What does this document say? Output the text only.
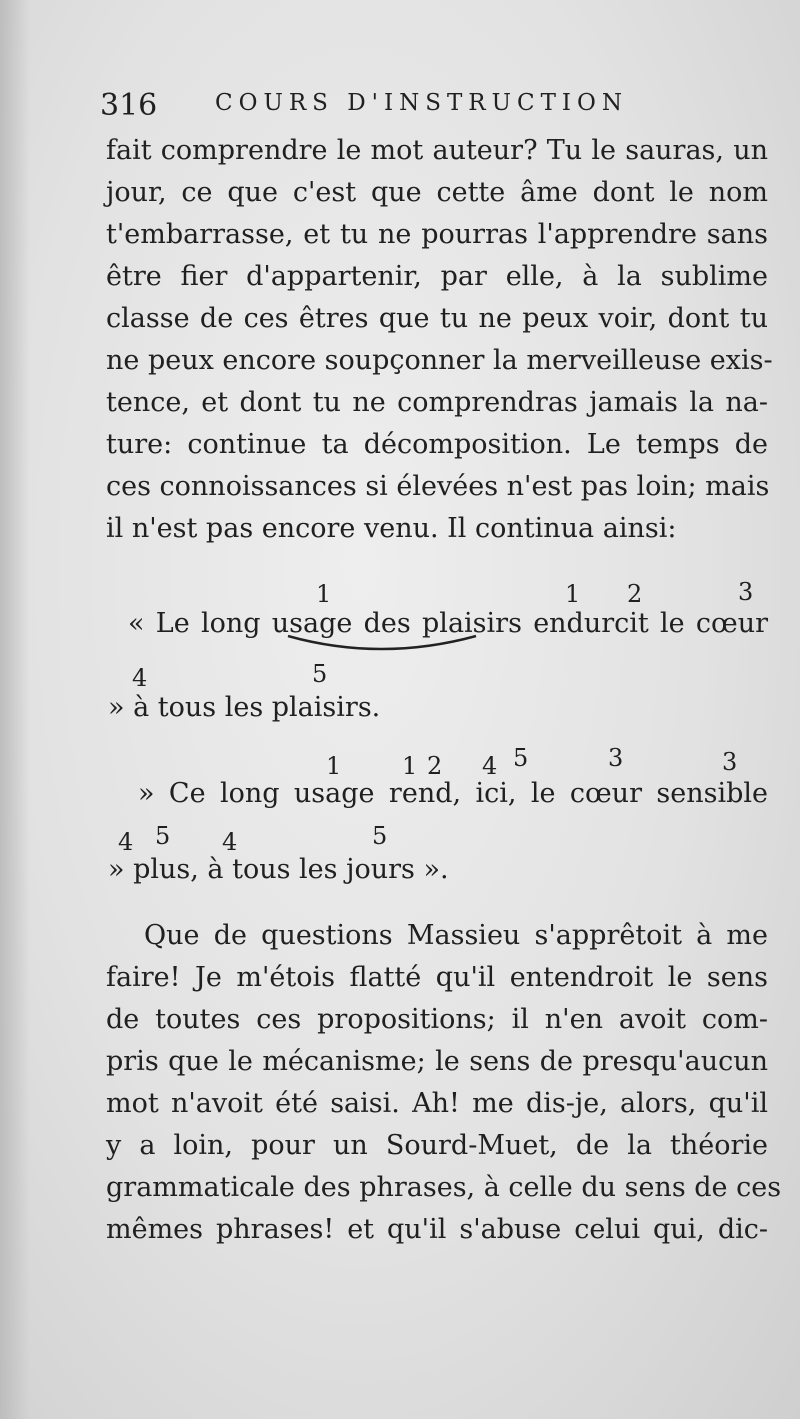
316	COURS D'INSTRUCTION
fait comprendre le mot auteur? Tu le sauras, un
jour, ce que c'est que cette âme dont le nom
t'embarrasse, et tu ne pourras l'apprendre sans
être fier d'appartenir, par elle, à la sublime
classe de ces êtres que tu ne peux voir, dont tu
ne peux encore soupçonner la merveilleuse exis-
tence, et dont tu ne comprendras jamais la na-
ture: continue ta décomposition. Le temps de
ces connoissances si élevées n'est pas loin; mais
il n'est pas encore venu. Il continua ainsi:
1	1 2	3
« Le long usage des plaisirs endurcit le cœur
4	5
» à tous les plaisirs.
1	1 2 4 5	3	3
» Ce long usage rend, ici, le cœur sensible
4 5 4	5
» plus, à tous les jours ».
Que de questions Massieu s'apprêtoit à me
faire! Je m'étois flatté qu'il entendroit le sens
de toutes ces propositions; il n'en avoit com-
pris que le mécanisme; le sens de presqu'aucun
mot n'avoit été saisi. Ah! me dis-je, alors, qu'il
y a loin, pour un Sourd-Muet, de la théorie
grammaticale des phrases, à celle du sens de ces
mêmes phrases! et qu'il s'abuse celui qui, dic-
